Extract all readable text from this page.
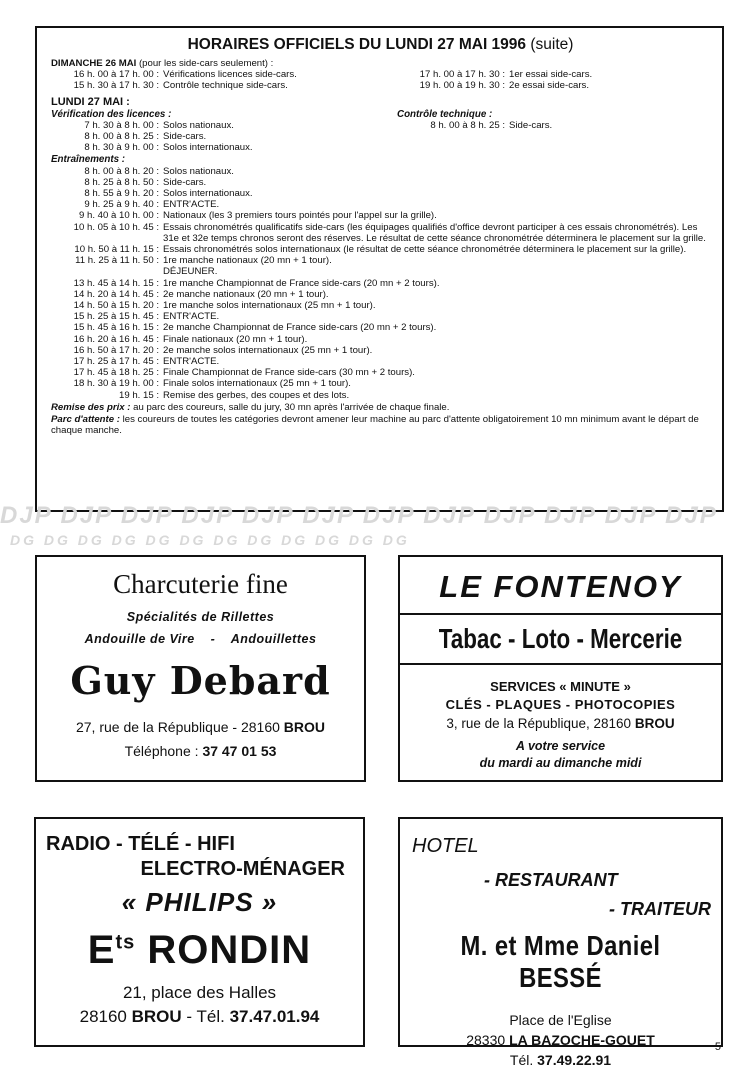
HORAIRES OFFICIELS DU LUNDI 27 MAI 1996 (suite)
DIMANCHE 26 MAI (pour les side-cars seulement) :
16 h. 00 à 17 h. 00 : Vérifications licences side-cars.
15 h. 30 à 17 h. 30 : Contrôle technique side-cars.
17 h. 00 à 17 h. 30 : 1er essai side-cars.
19 h. 00 à 19 h. 30 : 2e essai side-cars.
LUNDI 27 MAI :
Vérification des licences :
7 h. 30 à 8 h. 00 : Solos nationaux.
8 h. 00 à 8 h. 25 : Side-cars.
8 h. 30 à 9 h. 00 : Solos internationaux.
Contrôle technique :
8 h. 00 à 8 h. 25 : Side-cars.
Entraînements :
8 h. 00 à 8 h. 20 : Solos nationaux.
8 h. 25 à 8 h. 50 : Side-cars.
8 h. 55 à 9 h. 20 : Solos internationaux.
9 h. 25 à 9 h. 40 : ENTR'ACTE.
9 h. 40 à 10 h. 00 : Nationaux (les 3 premiers tours pointés pour l'appel sur la grille).
10 h. 05 à 10 h. 45 : Essais chronométrés qualificatifs side-cars (les équipages qualifiés d'office devront participer à ces essais chronométrés). Les 31e et 32e temps chronos seront des réserves. Le résultat de cette séance chronométrée déterminera le placement sur la grille.
10 h. 50 à 11 h. 15 : Essais chronométrés solos internationaux (le résultat de cette séance chronométrée déterminera le placement sur la grille).
11 h. 25 à 11 h. 50 : 1re manche nationaux (20 mn + 1 tour).
DÉJEUNER.
13 h. 45 à 14 h. 15 : 1re manche Championnat de France side-cars (20 mn + 2 tours).
14 h. 20 à 14 h. 45 : 2e manche nationaux (20 mn + 1 tour).
14 h. 50 à 15 h. 20 : 1re manche solos internationaux (25 mn + 1 tour).
15 h. 25 à 15 h. 45 : ENTR'ACTE.
15 h. 45 à 16 h. 15 : 2e manche Championnat de France side-cars (20 mn + 2 tours).
16 h. 20 à 16 h. 45 : Finale nationaux (20 mn + 1 tour).
16 h. 50 à 17 h. 20 : 2e manche solos internationaux (25 mn + 1 tour).
17 h. 25 à 17 h. 45 : ENTR'ACTE.
17 h. 45 à 18 h. 25 : Finale Championnat de France side-cars (30 mn + 2 tours).
18 h. 30 à 19 h. 00 : Finale solos internationaux (25 mn + 1 tour).
19 h. 15 : Remise des gerbes, des coupes et des lots.
Remise des prix : au parc des coureurs, salle du jury, 30 mn après l'arrivée de chaque finale.
Parc d'attente : les coureurs de toutes les catégories devront amener leur machine au parc d'attente obligatoirement 10 mn minimum avant le départ de chaque manche.
DJP DJP DJP DJP DJP DJP DJP DJP DJP DJP DJP DJP
DG DG DG DG DG DG DG DG DG DG DG DG
Charcuterie fine
Spécialités de Rillettes
Andouille de Vire - Andouillettes
Guy Debard
27, rue de la République - 28160 BROU
Téléphone : 37 47 01 53
LE FONTENOY
Tabac - Loto - Mercerie
SERVICES « MINUTE »
CLÉS - PLAQUES - PHOTOCOPIES
3, rue de la République, 28160 BROU
A votre service
du mardi au dimanche midi
RADIO - TÉLÉ - HIFI
ELECTRO-MÉNAGER
« PHILIPS »
$E^{ts}$ RONDIN
21, place des Halles
28160 BROU - Tél. 37.47.01.94
HOTEL
- RESTAURANT
- TRAITEUR
M. et Mme Daniel BESSÉ
Place de l'Eglise
28330 LA BAZOCHE-GOUET
Tél. 37.49.22.91
5
